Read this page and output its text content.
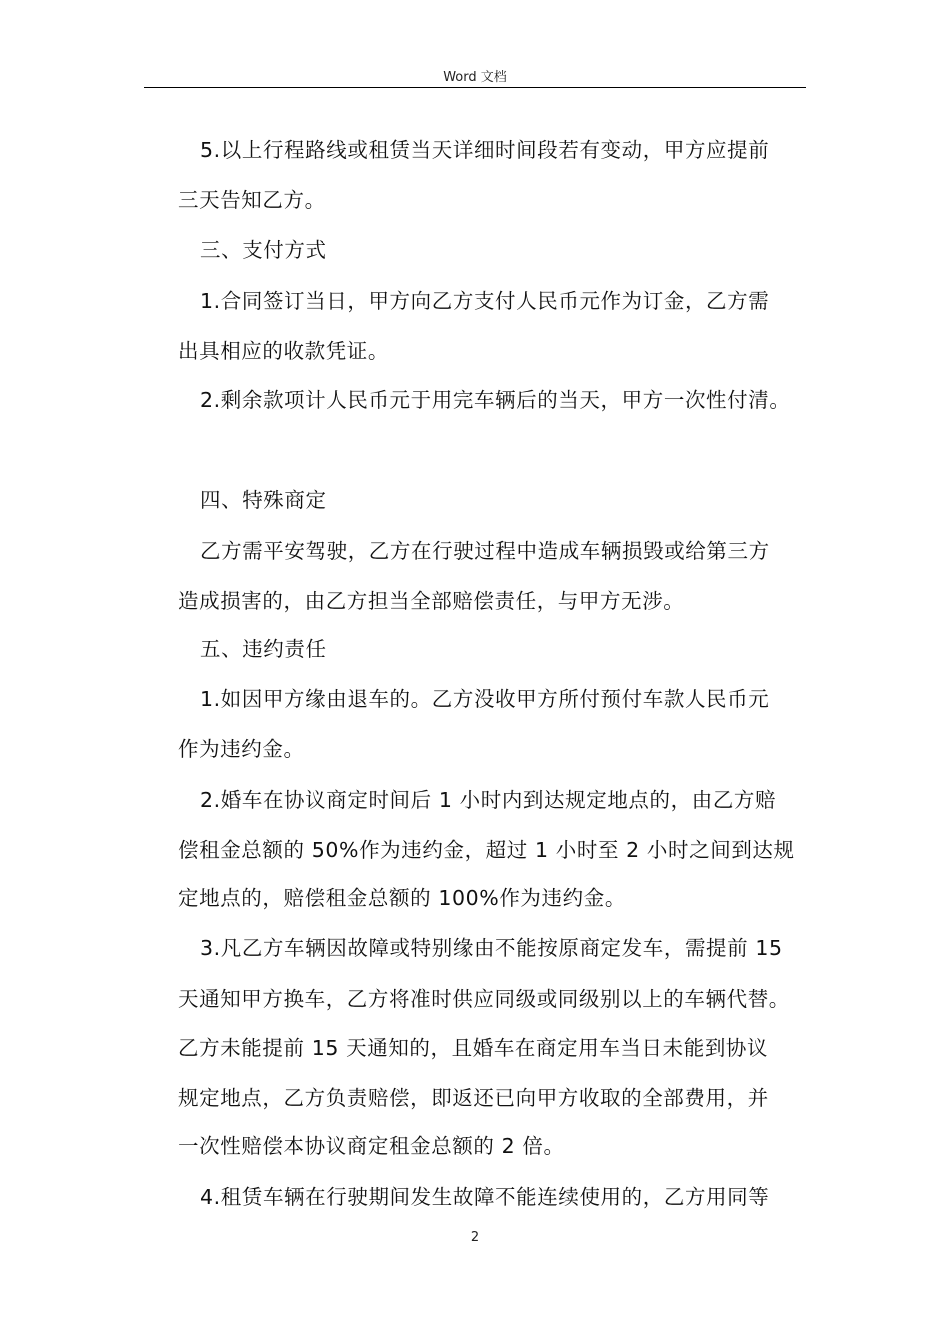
Word 文档
5.以上行程路线或租赁当天详细时间段若有变动，甲方应提前
三天告知乙方。
三、支付方式
1.合同签订当日，甲方向乙方支付人民币元作为订金，乙方需
出具相应的收款凭证。
2.剩余款项计人民币元于用完车辆后的当天，甲方一次性付清。
四、特殊商定
乙方需平安驾驶，乙方在行驶过程中造成车辆损毁或给第三方
造成损害的，由乙方担当全部赔偿责任，与甲方无涉。
五、违约责任
1.如因甲方缘由退车的。乙方没收甲方所付预付车款人民币元
作为违约金。
2.婚车在协议商定时间后 1 小时内到达规定地点的，由乙方赔
偿租金总额的 50%作为违约金，超过 1 小时至 2 小时之间到达规
定地点的，赔偿租金总额的 100%作为违约金。
3.凡乙方车辆因故障或特别缘由不能按原商定发车，需提前 15
天通知甲方换车，乙方将准时供应同级或同级别以上的车辆代替。
乙方未能提前 15 天通知的，且婚车在商定用车当日未能到协议
规定地点，乙方负责赔偿，即返还已向甲方收取的全部费用，并
一次性赔偿本协议商定租金总额的 2 倍。
4.租赁车辆在行驶期间发生故障不能连续使用的，乙方用同等
2
